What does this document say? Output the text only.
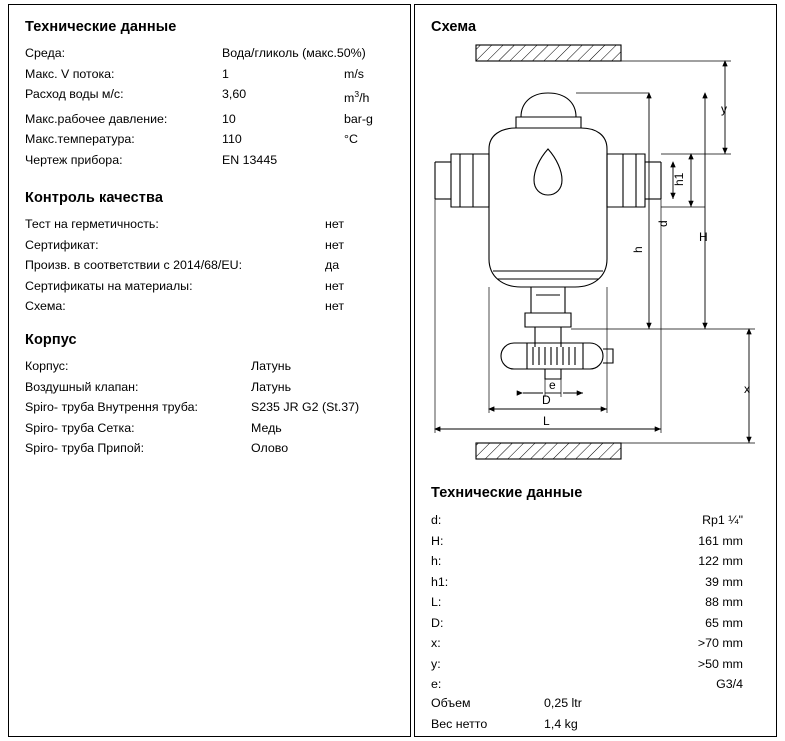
Технические данные
Среда:	Вода/гликоль (макс.50%)
Макс. V потока:	1	m/s
Расход воды м/с:	3,60	$m^3/h$
Макс.рабочее давление:	10	bar-g
Макс.температура:	110	°C
Чертеж прибора:	EN 13445
Контроль качества
Тест на герметичность:	нет
Сертификат:	нет
Произв. в соответствии с 2014/68/EU:	да
Сертификаты на материалы:	нет
Схема:	нет
Корпус
Корпус:	Латунь
Воздушный клапан:	Латунь
Spiro- труба Внутрення труба:	S235 JR G2 (St.37)
Spiro- труба Сетка:	Медь
Spiro- труба Припой:	Олово
Схема
y
h1
d
h
H
x
e
D
L
Технические данные
d:	Rp1 ¼"
H:	161 mm
h:	122 mm
h1:	39 mm
L:	88 mm
D:	65 mm
x:	>70 mm
y:	>50 mm
e:	G3/4
Объем	0,25 ltr
Вес нетто	1,4 kg
